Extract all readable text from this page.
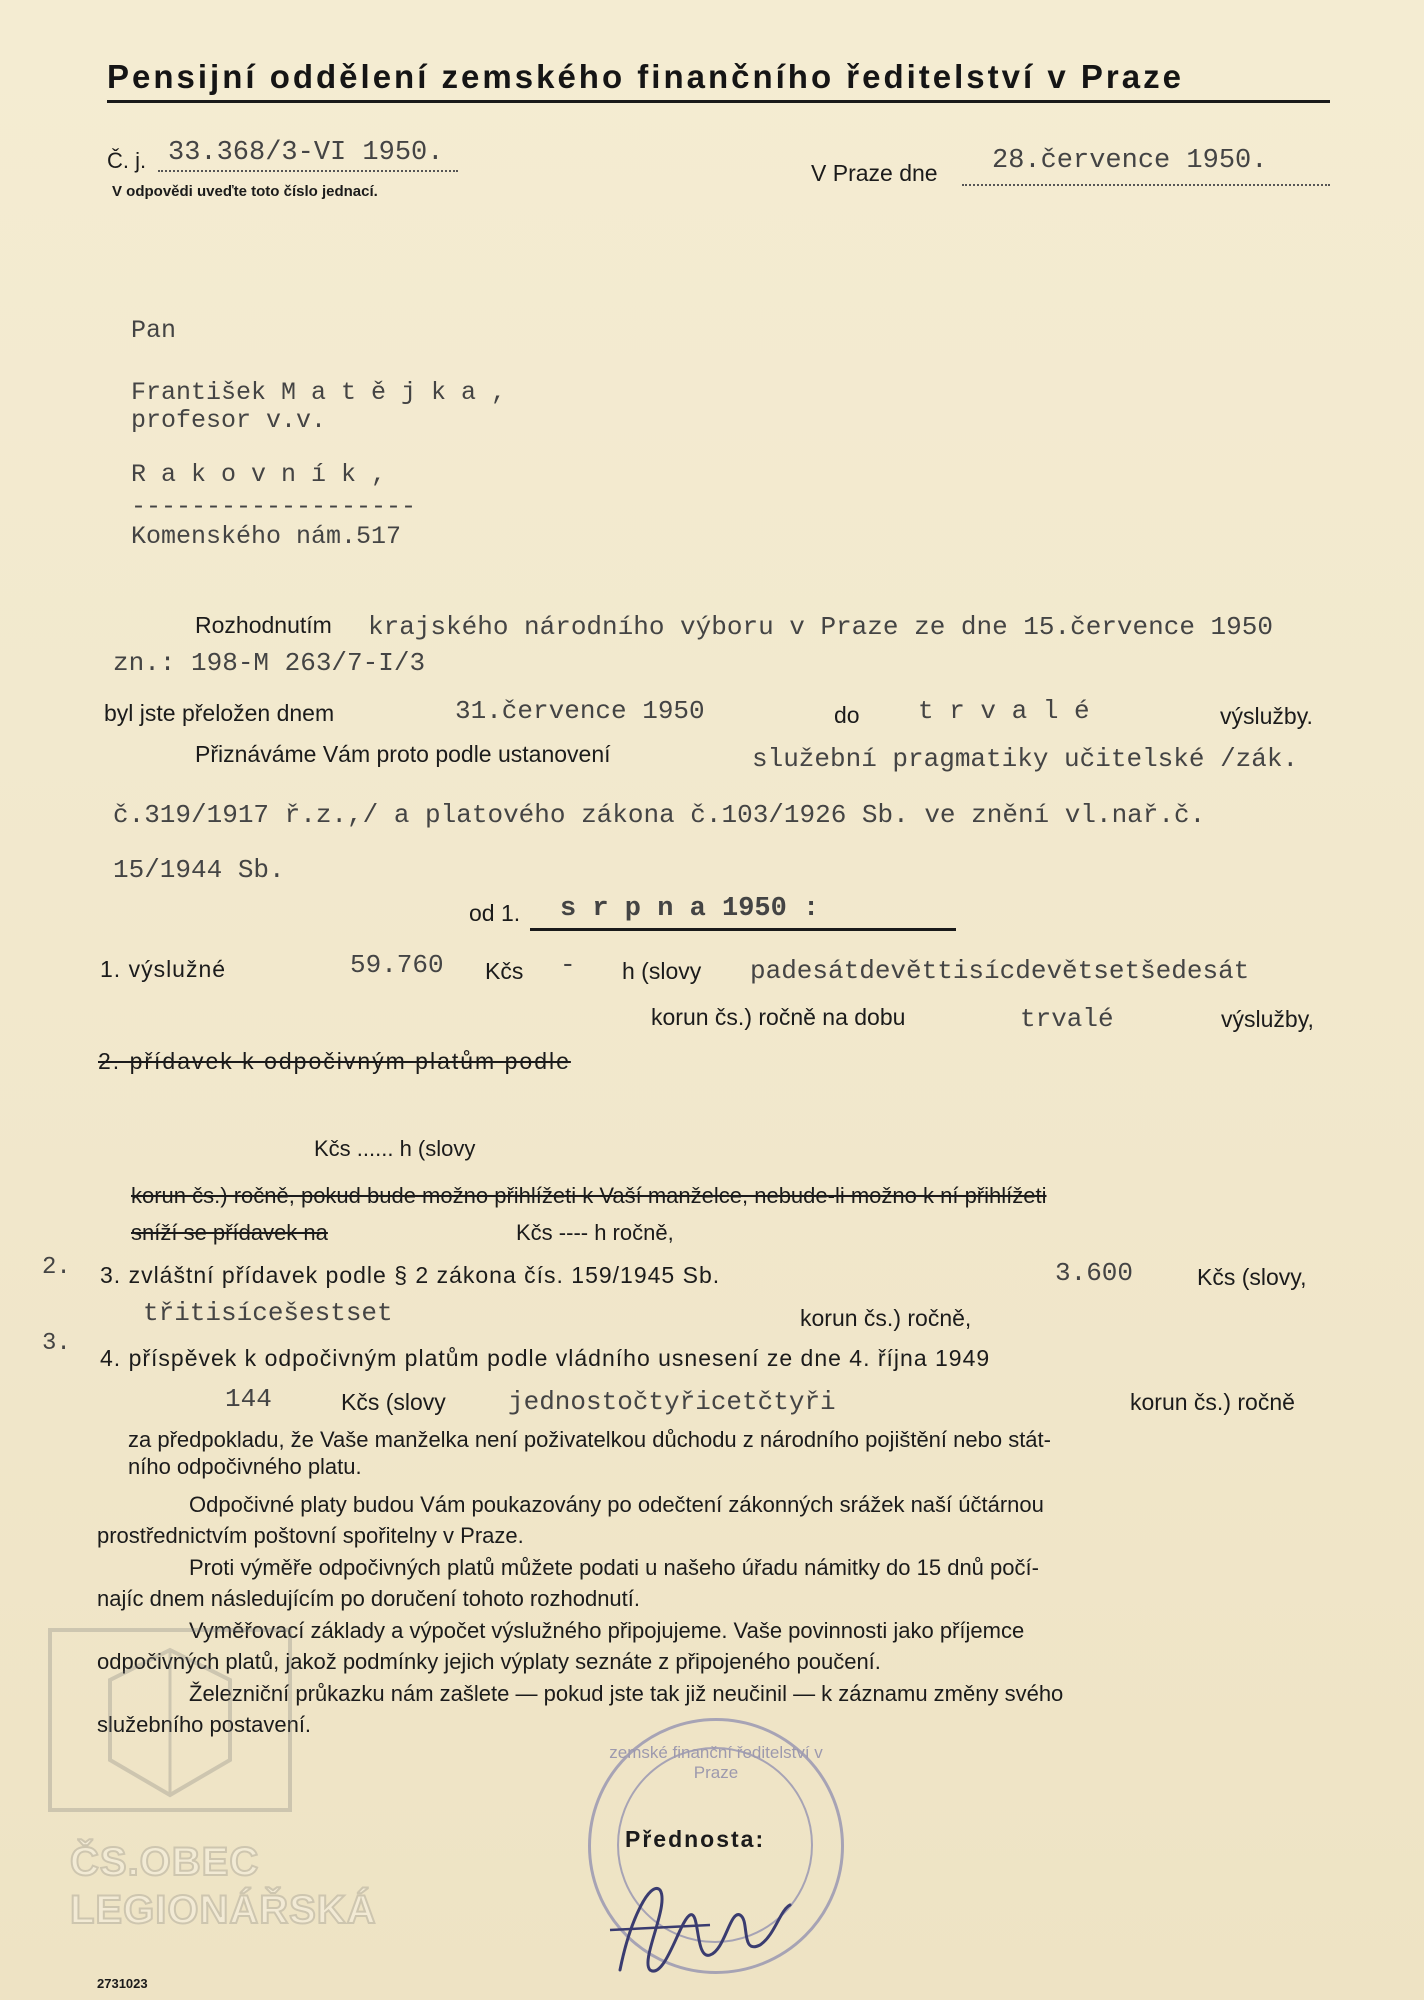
Pensijní oddělení zemského finančního ředitelství v Praze
Č. j. 33.368/3-VI 1950.
V odpovědi uveďte toto číslo jednací.
V Praze dne 28.července 1950.
Pan
František M a t ě j k a ,
profesor v.v.
R a k o v n í k ,
-------------------
Komenského nám.517
Rozhodnutím krajského národního výboru v Praze ze dne 15.července 1950
zn.: 198-M 263/7-I/3
byl jste přeložen dnem	31.července 1950	do t r v a l é	výslužby.
Přiznáváme Vám proto podle ustanovení	služební pragmatiky učitelské /zák.
č.319/1917 ř.z.,/ a platového zákona č.103/1926 Sb. ve znění vl.nař.č.
15/1944 Sb.
od 1. s r p n a 1950 :
1. výslužné	59.760 Kčs - h (slovy padesátdevěttisícdevětsetšedesát
korun čs.) ročně na dobu	trvalé	výslužby,
2. přídavek k odpočivným platům podle
Kčs ...... h (slovy
korun čs.) ročně, pokud bude možno přihlížeti k Vaší manželce, nebude-li možno k ní přihlížeti
sníží se přídavek na	Kčs ---- h ročně,
2. 3. zvláštní přídavek podle § 2 zákona čís. 159/1945 Sb.	3.600	Kčs (slovy,
třitisícešestset	korun čs.) ročně,
3.
4. příspěvek k odpočivným platům podle vládního usnesení ze dne 4. října 1949
144	Kčs (slovy jednostočtyřicetčtyři	korun čs.) ročně
za předpokladu, že Vaše manželka není poživatelkou důchodu z národního pojištění nebo stát-
ního odpočivného platu.
Odpočivné platy budou Vám poukazovány po odečtení zákonných srážek naší účtárnou
prostřednictvím poštovní spořitelny v Praze.
Proti výměře odpočivných platů můžete podati u našeho úřadu námitky do 15 dnů počí-
najíc dnem následujícím po doručení tohoto rozhodnutí.
Vyměřovací základy a výpočet výslužného připojujeme. Vaše povinnosti jako příjemce
odpočivných platů, jakož podmínky jejich výplaty seznáte z připojeného poučení.
Železniční průkazku nám zašlete — pokud jste tak již neučinil — k záznamu změny svého
služebního postavení.
zemské finanční ředitelství v Praze
Přednosta:
ČS.OBEC
LEGIONÁŘSKÁ
2731023
